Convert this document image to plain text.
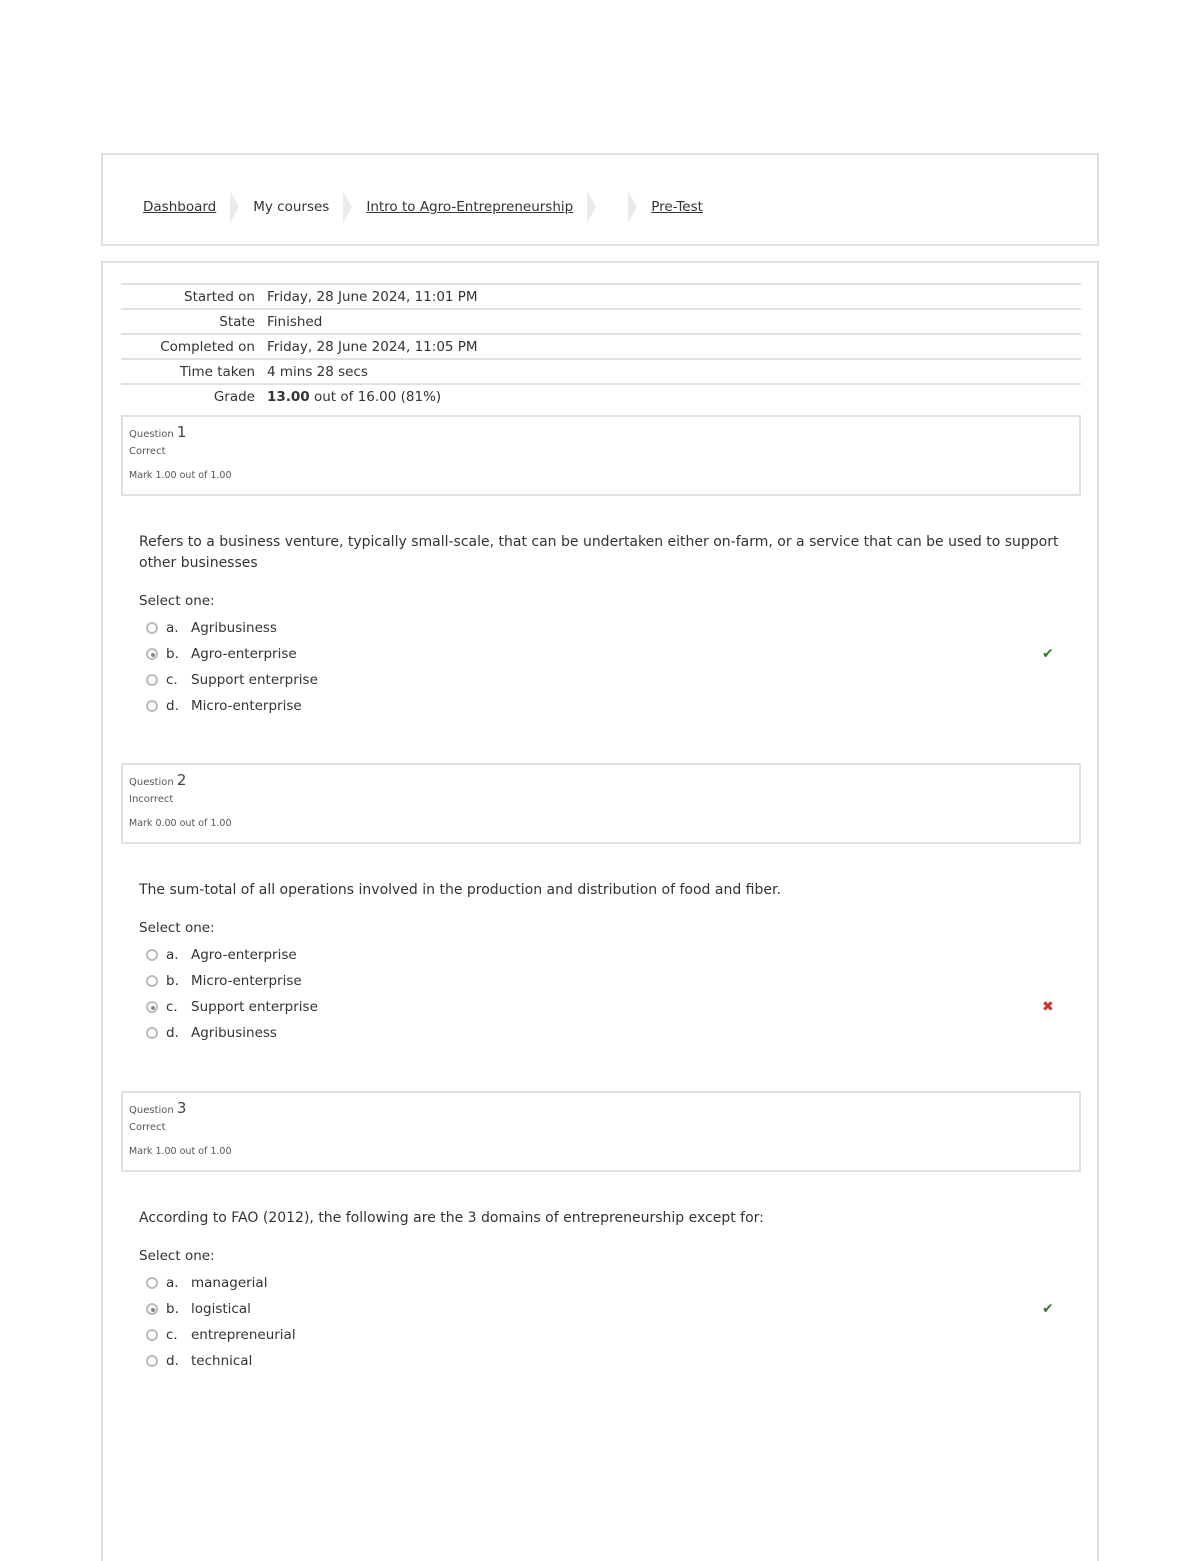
Dashboard	My courses	Intro to Agro-Entrepreneurship	Pre-Test
Started on	Friday, 28 June 2024, 11:01 PM
State	Finished
Completed on	Friday, 28 June 2024, 11:05 PM
Time taken	4 mins 28 secs
Grade	13.00 out of 16.00 (81%)
Question 1
Correct
Mark 1.00 out of 1.00
Refers to a business venture, typically small-scale, that can be undertaken either on-farm, or a service that can be used to support other businesses
Select one:
a. Agribusiness
b. Agro-enterprise	✔
c. Support enterprise
d. Micro-enterprise
Question 2
Incorrect
Mark 0.00 out of 1.00
The sum-total of all operations involved in the production and distribution of food and fiber.
Select one:
a. Agro-enterprise
b. Micro-enterprise
c. Support enterprise	✖
d. Agribusiness
Question 3
Correct
Mark 1.00 out of 1.00
According to FAO (2012), the following are the 3 domains of entrepreneurship except for:
Select one:
a. managerial
b. logistical	✔
c. entrepreneurial
d. technical
